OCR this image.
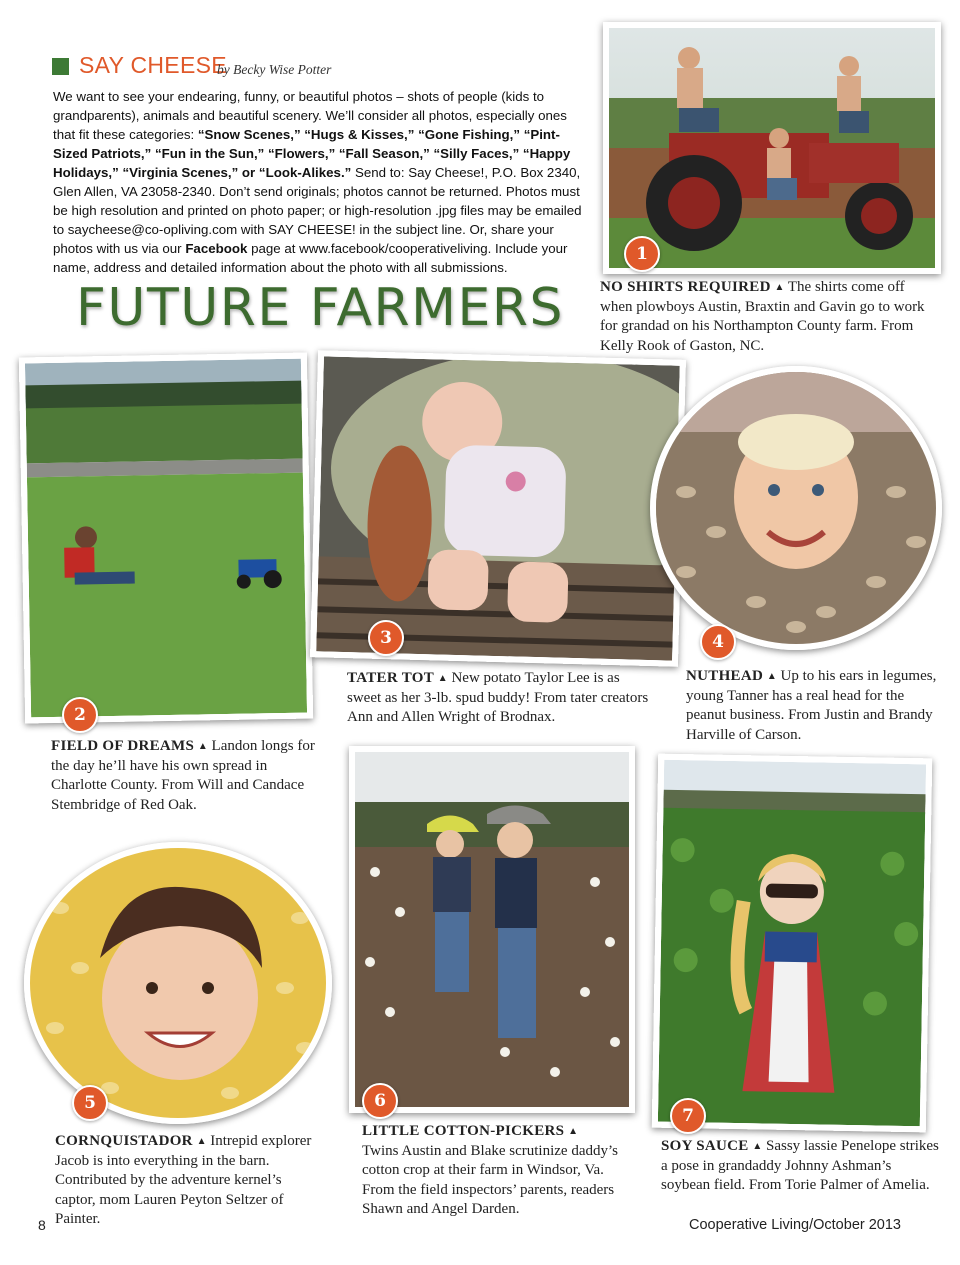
SAY CHEESE
by Becky Wise Potter
We want to see your endearing, funny, or beautiful photos – shots of people (kids to grandparents), animals and beautiful scenery. We’ll consider all photos, especially ones that fit these categories: “Snow Scenes,” “Hugs & Kisses,” “Gone Fishing,” “Pint-Sized Patriots,” “Fun in the Sun,” “Flowers,” “Fall Season,” “Silly Faces,” “Happy Holidays,” “Virginia Scenes,” or “Look-Alikes.” Send to: Say Cheese!, P.O. Box 2340, Glen Allen, VA 23058-2340. Don’t send originals; photos cannot be returned. Photos must be high resolution and printed on photo paper; or high-resolution .jpg files may be emailed to saycheese@co-opliving.com with SAY CHEESE! in the subject line. Or, share your photos with us via our Facebook page at www.facebook/cooperativeliving. Include your name, address and detailed information about the photo with all submissions.
FUTURE FARMERS
1
2
3	4
5	6
7
NO SHIRTS REQUIRED ▲ The shirts come off when plowboys Austin, Braxtin and Gavin go to work for grandad on his Northampton County farm. From Kelly Rook of Gaston, NC.
FIELD OF DREAMS ▲ Landon longs for the day he’ll have his own spread in Charlotte County. From Will and Candace Stembridge of Red Oak.
TATER TOT ▲ New potato Taylor Lee is as sweet as her 3-lb. spud buddy! From tater creators Ann and Allen Wright of Brodnax.
NUTHEAD ▲ Up to his ears in legumes, young Tanner has a real head for the peanut business. From Justin and Brandy Harville of Carson.
CORNQUISTADOR ▲ Intrepid explorer Jacob is into everything in the barn. Contributed by the adventure kernel’s captor, mom Lauren Peyton Seltzer of Painter.
LITTLE COTTON-PICKERS ▲
Twins Austin and Blake scrutinize daddy’s cotton crop at their farm in Windsor, Va. From the field inspectors’ parents, readers Shawn and Angel Darden.
SOY SAUCE ▲ Sassy lassie Penelope strikes a pose in grandaddy Johnny Ashman’s soybean field. From Torie Palmer of Amelia.
8	Cooperative Living/October 2013
